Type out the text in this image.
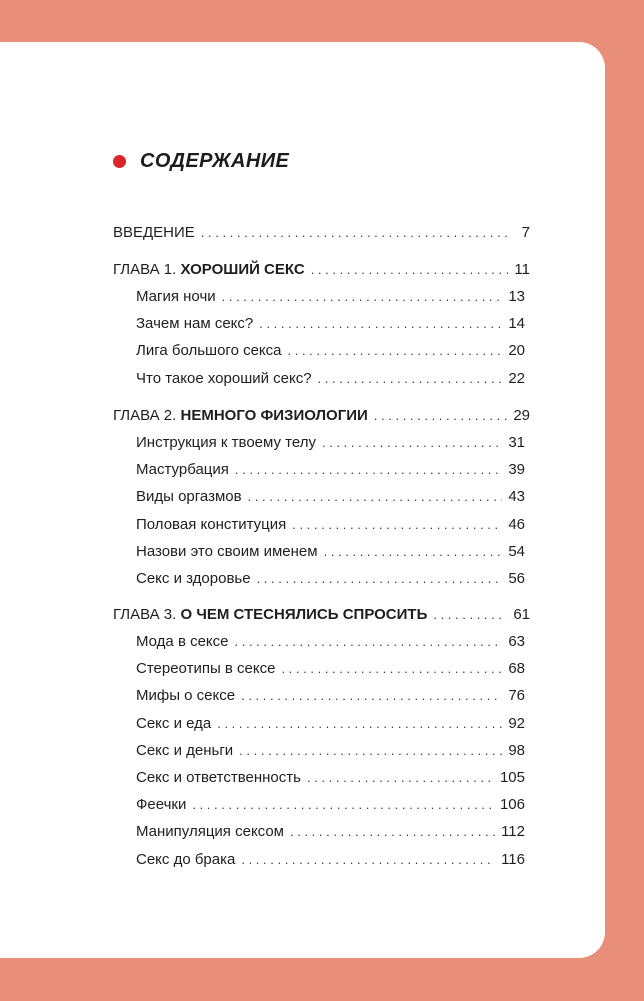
СОДЕРЖАНИЕ
ВВЕДЕНИЕ . . .	7
ГЛАВА 1. ХОРОШИЙ СЕКС . . .	11
Магия ночи . . .	13
Зачем нам секс? . . .	14
Лига большого секса . . .	20
Что такое хороший секс? . . .	22
ГЛАВА 2. НЕМНОГО ФИЗИОЛОГИИ . . .	29
Инструкция к твоему телу . . .	31
Мастурбация . . .	39
Виды оргазмов . . .	43
Половая конституция . . .	46
Назови это своим именем . . .	54
Секс и здоровье . . .	56
ГЛАВА 3. О ЧЕМ СТЕСНЯЛИСЬ СПРОСИТЬ . . .	61
Мода в сексе . . .	63
Стереотипы в сексе . . .	68
Мифы о сексе . . .	76
Секс и еда . . .	92
Секс и деньги . . .	98
Секс и ответственность . . .	105
Феечки . . .	106
Манипуляция сексом . . .	112
Секс до брака . . .	116
